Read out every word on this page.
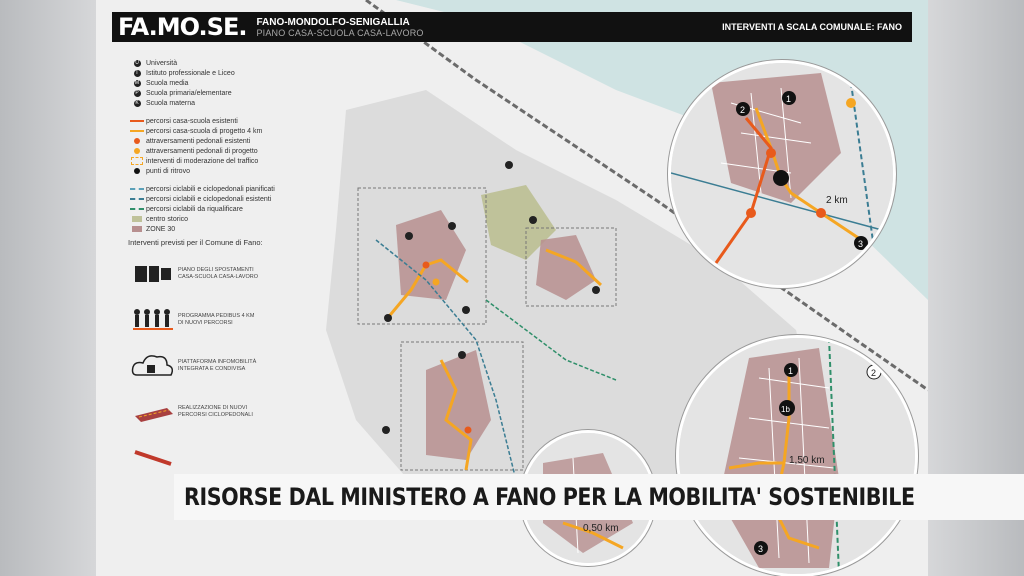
FA.MO.SE. FANO-MONDOLFO-SENIGALLIA
PIANO CASA-SCUOLA CASA-LAVORO
INTERVENTI A SCALA COMUNALE: FANO
U Università
I	Istituto professionale e Liceo
M Scuola media
P Scuola primaria/elementare
K Scuola materna
percorsi casa-scuola esistenti
percorsi casa-scuola di progetto 4 km
attraversamenti pedonali esistenti
attraversamenti pedonali di progetto
interventi di moderazione del traffico
punti di ritrovo
percorsi ciclabili e ciclopedonali pianificati
percorsi ciclabili e ciclopedonali esistenti
percorsi ciclabili da riqualificare
centro storico
ZONE 30
Interventi previsti per il Comune di Fano:
PIANO DEGLI SPOSTAMENTI CASA-SCUOLA CASA-LAVORO
PROGRAMMA PEDIBUS 4 KM DI NUOVI PERCORSI
PIATTAFORMA INFOMOBILITÀ INTEGRATA E CONDIVISA
REALIZZAZIONE DI NUOVI PERCORSI CICLOPEDONALI
2 km
1
2
3
1,50 km
1
1b
2
3
0,50 km
RISORSE DAL MINISTERO A FANO PER LA MOBILITA' SOSTENIBILE
